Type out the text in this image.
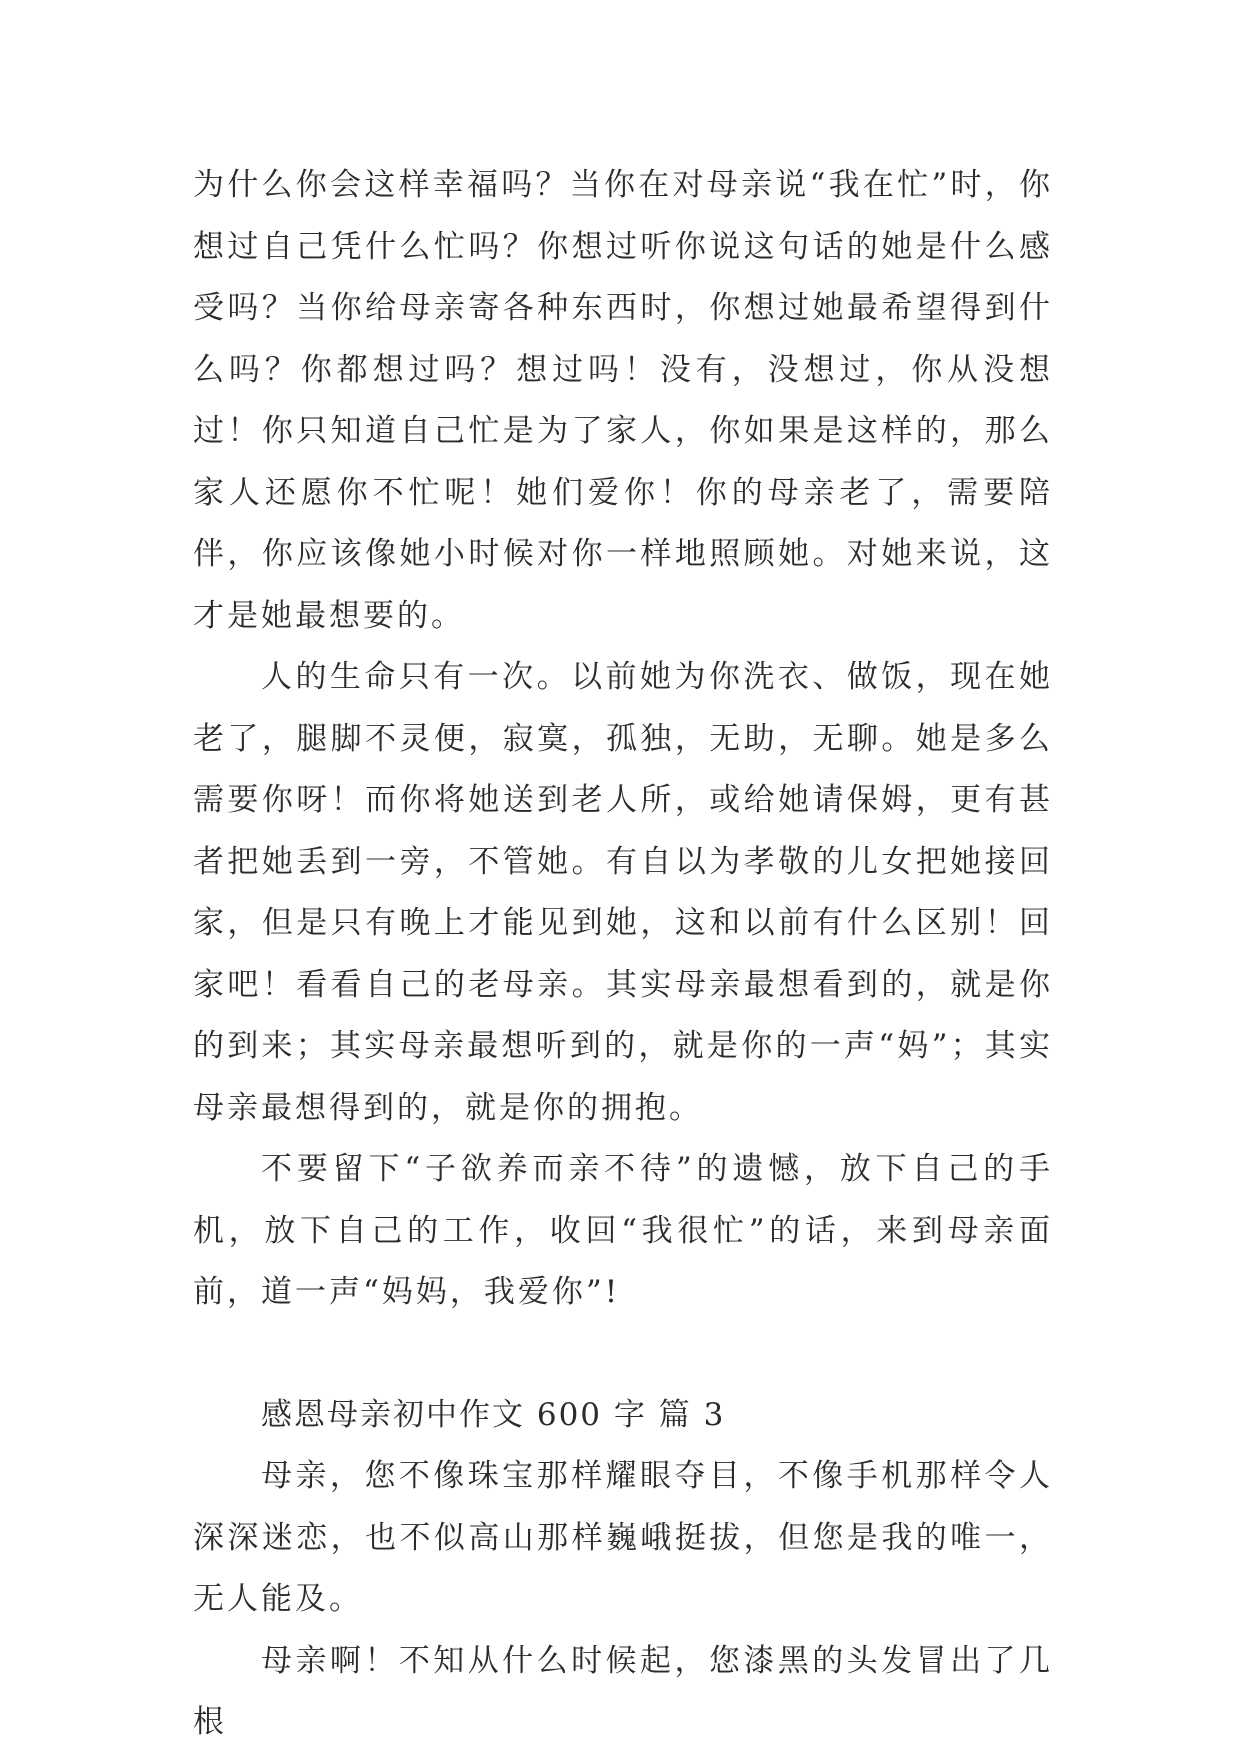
为什么你会这样幸福吗？当你在对母亲说“我在忙”时，你想过自己凭什么忙吗？你想过听你说这句话的她是什么感受吗？当你给母亲寄各种东西时，你想过她最希望得到什么吗？你都想过吗？想过吗！没有，没想过，你从没想过！你只知道自己忙是为了家人，你如果是这样的，那么家人还愿你不忙呢！她们爱你！你的母亲老了，需要陪伴，你应该像她小时候对你一样地照顾她。对她来说，这才是她最想要的。

人的生命只有一次。以前她为你洗衣、做饭，现在她老了，腿脚不灵便，寂寞，孤独，无助，无聊。她是多么需要你呀！而你将她送到老人所，或给她请保姆，更有甚者把她丢到一旁，不管她。有自以为孝敬的儿女把她接回家，但是只有晚上才能见到她，这和以前有什么区别！回家吧！看看自己的老母亲。其实母亲最想看到的，就是你的到来；其实母亲最想听到的，就是你的一声“妈”；其实母亲最想得到的，就是你的拥抱。

不要留下“子欲养而亲不待”的遗憾，放下自己的手机，放下自己的工作，收回“我很忙”的话，来到母亲面前，道一声“妈妈，我爱你”!

感恩母亲初中作文 600 字 篇 3

母亲，您不像珠宝那样耀眼夺目，不像手机那样令人深深迷恋，也不似高山那样巍峨挺拔，但您是我的唯一，无人能及。

母亲啊！不知从什么时候起，您漆黑的头发冒出了几根
